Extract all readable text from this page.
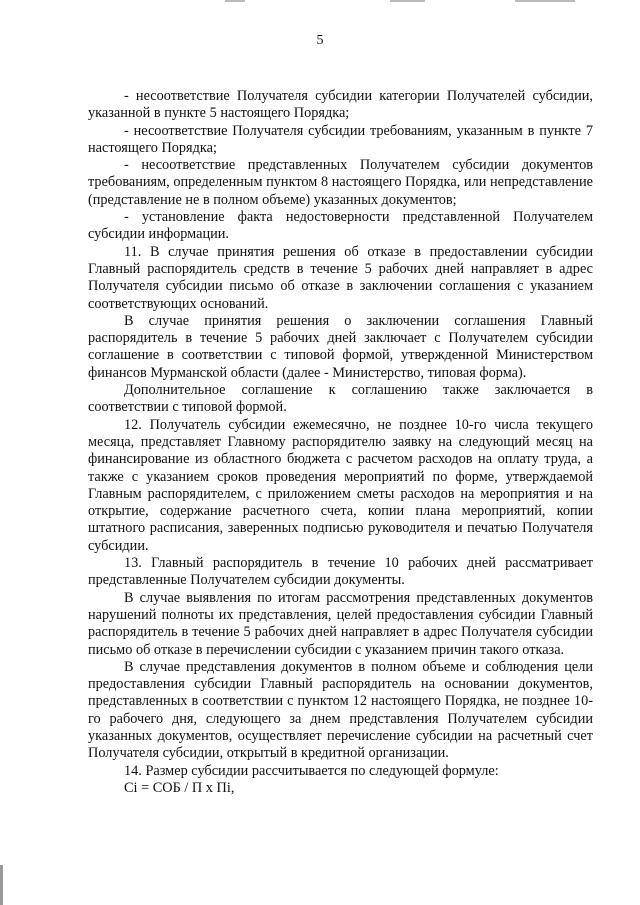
5

- несоответствие Получателя субсидии категории Получателей субсидии, указанной в пункте 5 настоящего Порядка;

- несоответствие Получателя субсидии требованиям, указанным в пункте 7 настоящего Порядка;

- несоответствие представленных Получателем субсидии документов требованиям, определенным пунктом 8 настоящего Порядка, или непредставление (представление не в полном объеме) указанных документов;

- установление факта недостоверности представленной Получателем субсидии информации.

11. В случае принятия решения об отказе в предоставлении субсидии Главный распорядитель средств в течение 5 рабочих дней направляет в адрес Получателя субсидии письмо об отказе в заключении соглашения с указанием соответствующих оснований.

В случае принятия решения о заключении соглашения Главный распорядитель в течение 5 рабочих дней заключает с Получателем субсидии соглашение в соответствии с типовой формой, утвержденной Министерством финансов Мурманской области (далее - Министерство, типовая форма).

Дополнительное соглашение к соглашению также заключается в соответствии с типовой формой.

12. Получатель субсидии ежемесячно, не позднее 10-го числа текущего месяца, представляет Главному распорядителю заявку на следующий месяц на финансирование из областного бюджета с расчетом расходов на оплату труда, а также с указанием сроков проведения мероприятий по форме, утверждаемой Главным распорядителем, с приложением сметы расходов на мероприятия и на открытие, содержание расчетного счета, копии плана мероприятий, копии штатного расписания, заверенных подписью руководителя и печатью Получателя субсидии.

13. Главный распорядитель в течение 10 рабочих дней рассматривает представленные Получателем субсидии документы.

В случае выявления по итогам рассмотрения представленных документов нарушений полноты их представления, целей предоставления субсидии Главный распорядитель в течение 5 рабочих дней направляет в адрес Получателя субсидии письмо об отказе в перечислении субсидии с указанием причин такого отказа.

В случае представления документов в полном объеме и соблюдения цели предоставления субсидии Главный распорядитель на основании документов, представленных в соответствии с пунктом 12 настоящего Порядка, не позднее 10-го рабочего дня, следующего за днем представления Получателем субсидии указанных документов, осуществляет перечисление субсидии на расчетный счет Получателя субсидии, открытый в кредитной организации.

14. Размер субсидии рассчитывается по следующей формуле:

Ci = СОБ / П х Пi,
